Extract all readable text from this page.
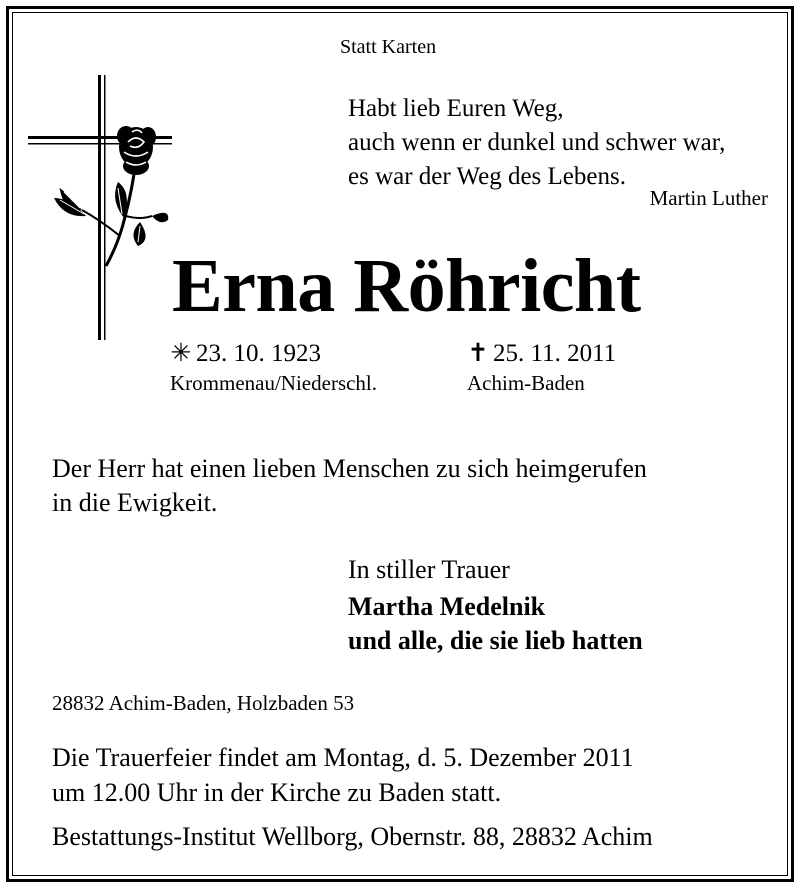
Statt Karten
Habt lieb Euren Weg,
auch wenn er dunkel und schwer war,
es war der Weg des Lebens.
Martin Luther
Erna Röhricht
✳ 23. 10. 1923
Krommenau/Niederschl.
✝ 25. 11. 2011
Achim-Baden
Der Herr hat einen lieben Menschen zu sich heimgerufen
in die Ewigkeit.
In stiller Trauer
Martha Medelnik
und alle, die sie lieb hatten
28832 Achim-Baden, Holzbaden 53
Die Trauerfeier findet am Montag, d. 5. Dezember 2011
um 12.00 Uhr in der Kirche zu Baden statt.
Bestattungs-Institut Wellborg, Obernstr. 88, 28832 Achim
